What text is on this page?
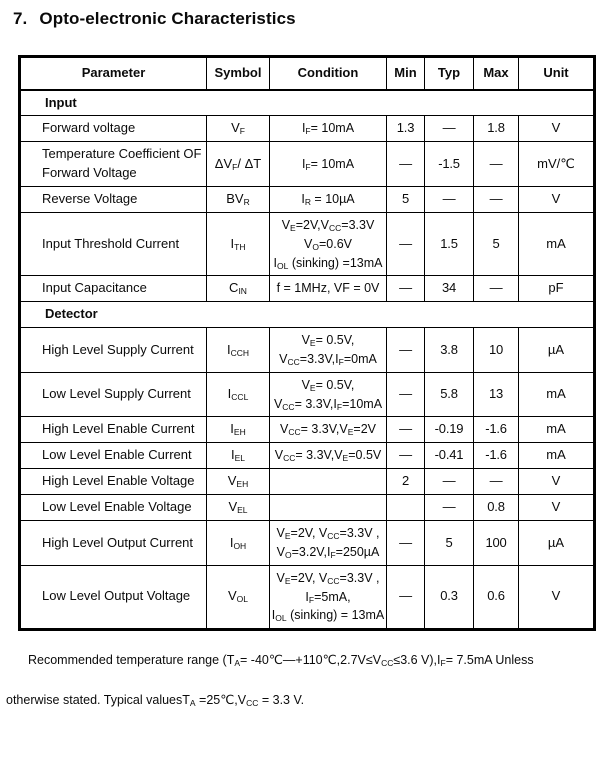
7. Opto-electronic Characteristics
Parameter	Symbol	Condition	Min	Typ	Max	Unit
Input						
Forward voltage	$V_F$	$I_F= 10mA$	1.3	—	1.8	V
Temperature Coefficient OF Forward Voltage	$\Delta V_F/$ ΔT	$I_F= 10mA$	—	-1.5	—	mV/℃
Reverse Voltage	$BV_R$	$I_R = 10\mu A$	5	—	—	V
Input Threshold Current	$I_{TH}$	$V_E=2V,V_{CC}=3.3V$
$V_O=0.6V$
$I_{OL}$ (sinking) =13mA	—	1.5	5	mA
Input Capacitance	$C_{IN}$	f = 1MHz, VF = 0V	—	34	—	pF
Detector						
High Level Supply Current	$I_{CCH}$	$V_E= 0.5V$,
$V_{CC}=3.3V,I_F=0mA$	—	3.8	10	µA
Low Level Supply Current	$I_{CCL}$	$V_E= 0.5V$,
$V_{CC}= 3.3V,I_F=10mA$	—	5.8	13	mA
High Level Enable Current	$I_{EH}$	$V_{CC}= 3.3V,V_E=2V$	—	-0.19	-1.6	mA
Low Level Enable Current	$I_{EL}$	$V_{CC}= 3.3V,V_E=0.5V$	—	-0.41	-1.6	mA
High Level Enable Voltage	$V_{EH}$		2	—	—	V
Low Level Enable Voltage	$V_{EL}$			—	0.8	V
High Level Output Current	$I_{OH}$	$V_E=2V$, $V_{CC}=3.3V$ ,
$V_O=3.2V,I_F=250\mu A$	—	5	100	µA
Low Level Output Voltage	$V_{OL}$	$V_E=2V$, $V_{CC}=3.3V$ ,
$I_F=5mA$,
$I_{OL}$ (sinking) = 13mA	—	0.3	0.6	V

Recommended temperature range ($T_A=$ $-40℃—+110℃,2.7V\le V_{CC}\le 3.6$ $V),I_F= 7.5mA$ Unless

otherwise stated. Typical valuesT$_A$ $=25℃,V_{CC} = 3.3$ V.
